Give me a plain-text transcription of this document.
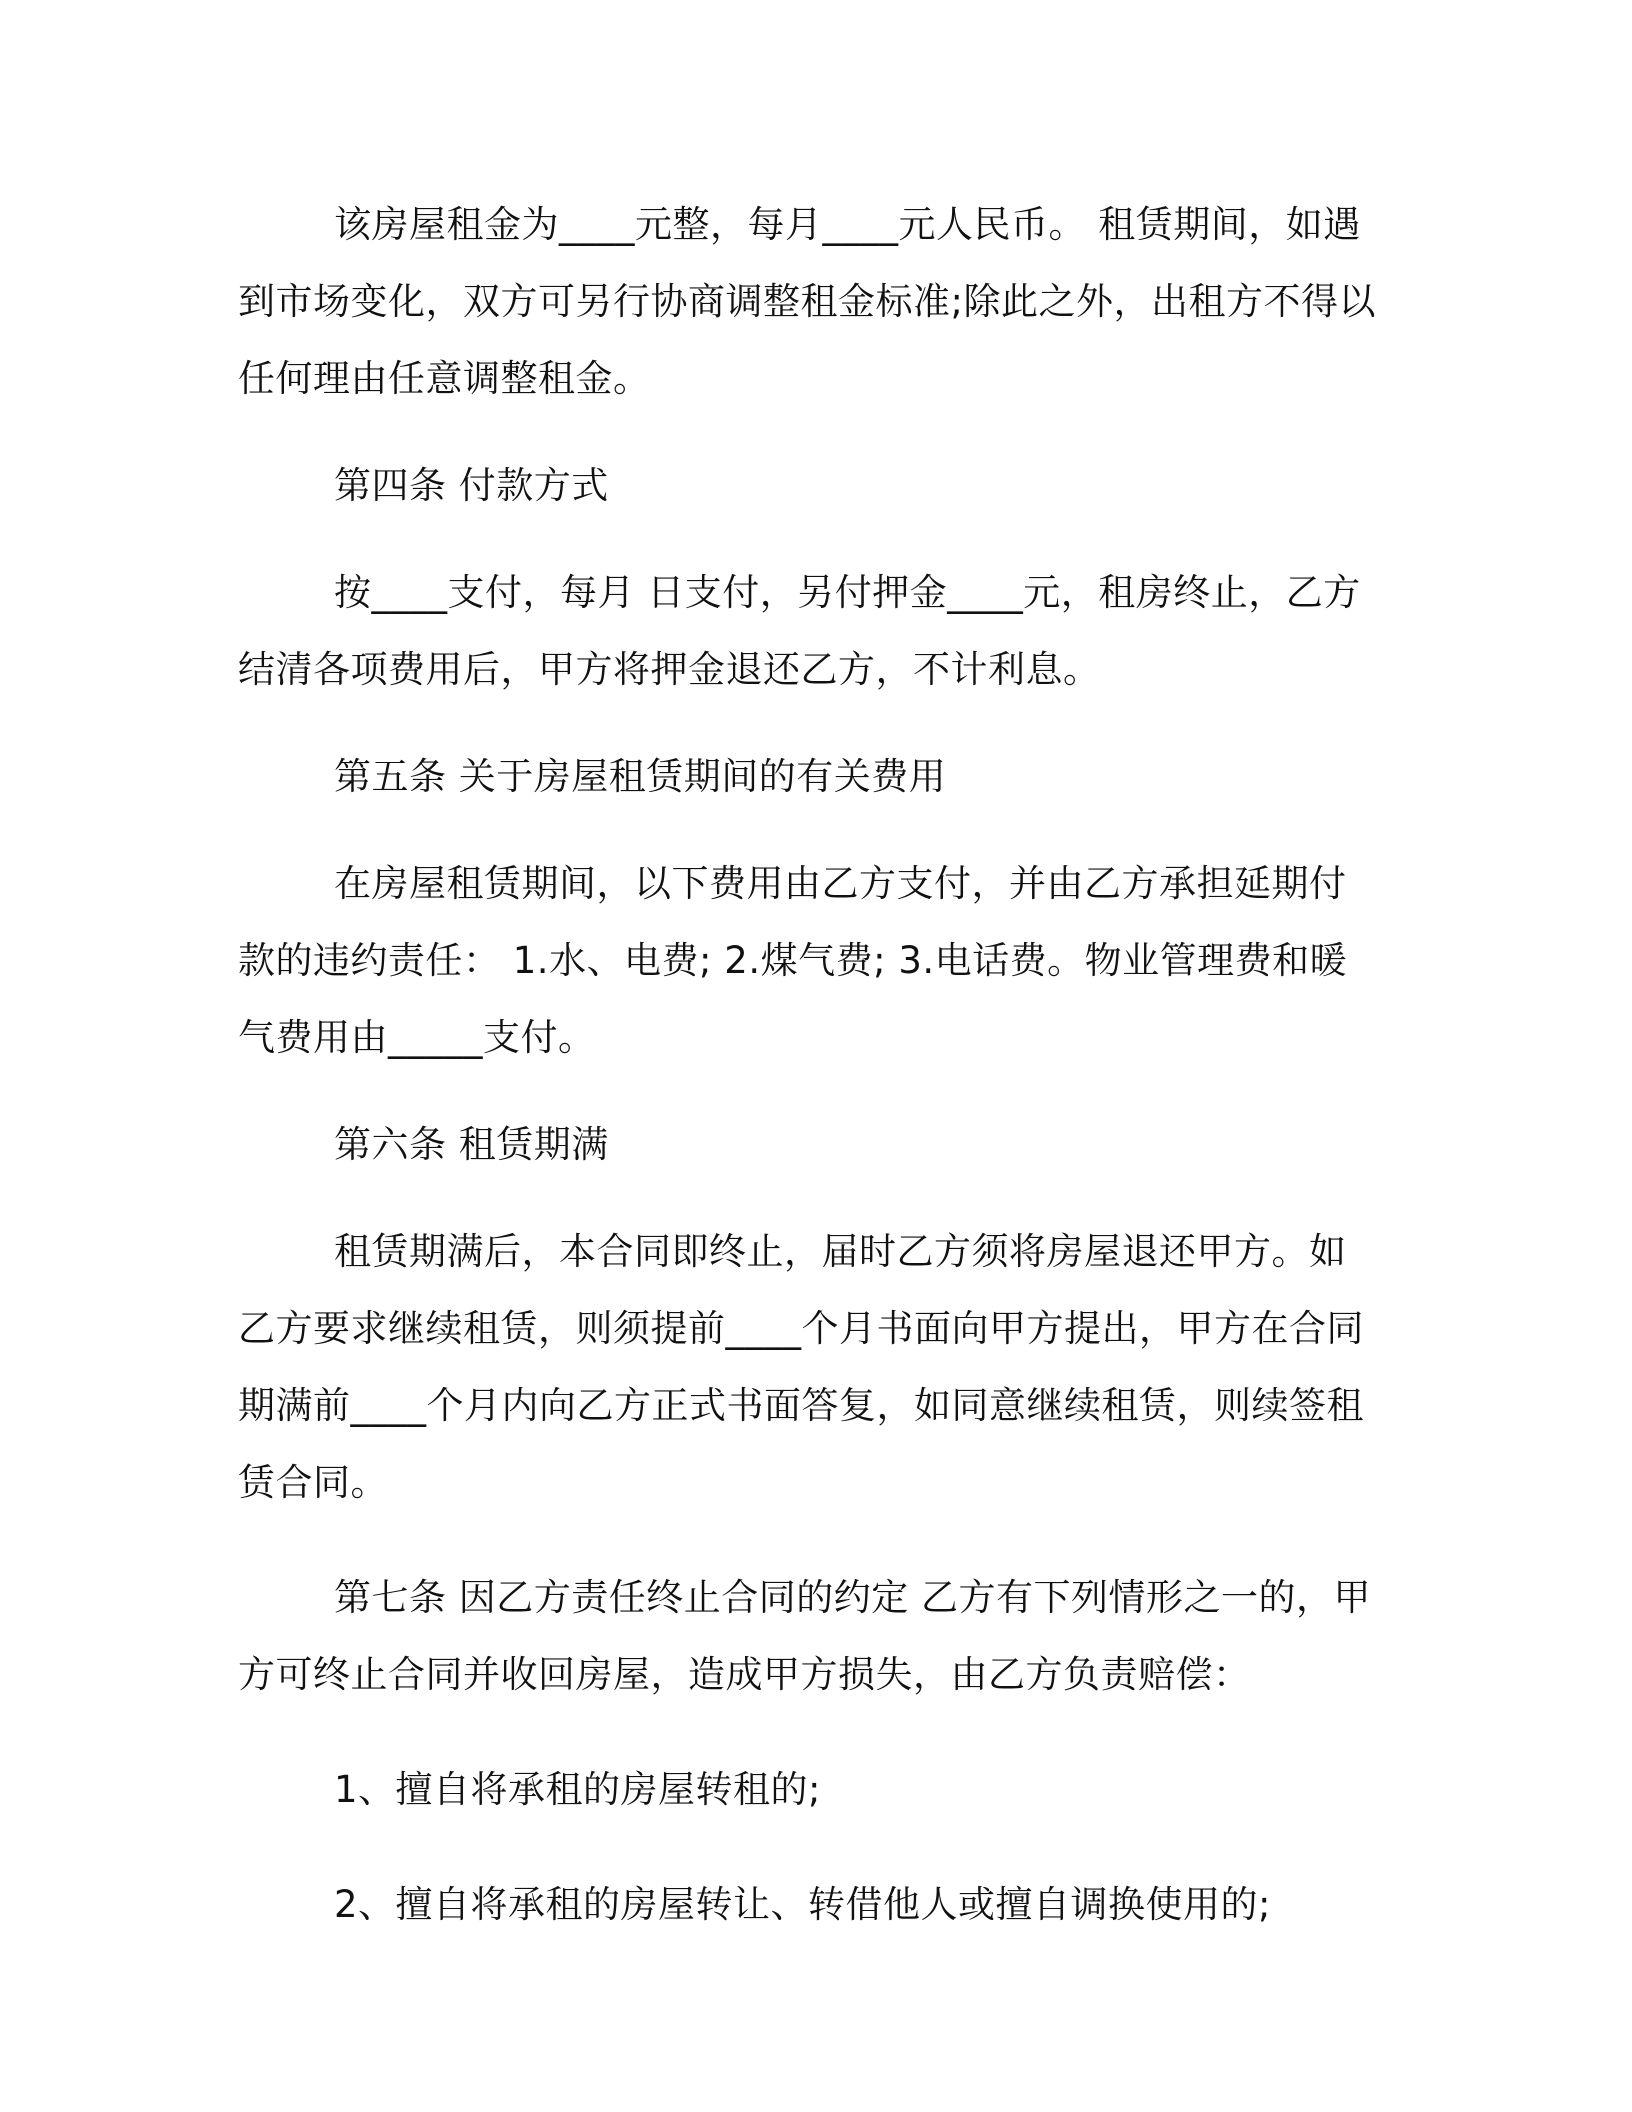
该房屋租金为____元整，每月____元人民币。 租赁期间，如遇到市场变化，双方可另行协商调整租金标准;除此之外，出租方不得以任何理由任意调整租金。

第四条 付款方式

按____支付，每月 日支付，另付押金____元，租房终止，乙方结清各项费用后，甲方将押金退还乙方，不计利息。

第五条 关于房屋租赁期间的有关费用

在房屋租赁期间，以下费用由乙方支付，并由乙方承担延期付款的违约责任： 1.水、电费; 2.煤气费; 3.电话费。物业管理费和暖气费用由_____支付。

第六条 租赁期满

租赁期满后，本合同即终止，届时乙方须将房屋退还甲方。如乙方要求继续租赁，则须提前____个月书面向甲方提出，甲方在合同期满前____个月内向乙方正式书面答复，如同意继续租赁，则续签租赁合同。

第七条 因乙方责任终止合同的约定 乙方有下列情形之一的，甲方可终止合同并收回房屋，造成甲方损失，由乙方负责赔偿：

1、擅自将承租的房屋转租的;

2、擅自将承租的房屋转让、转借他人或擅自调换使用的;
